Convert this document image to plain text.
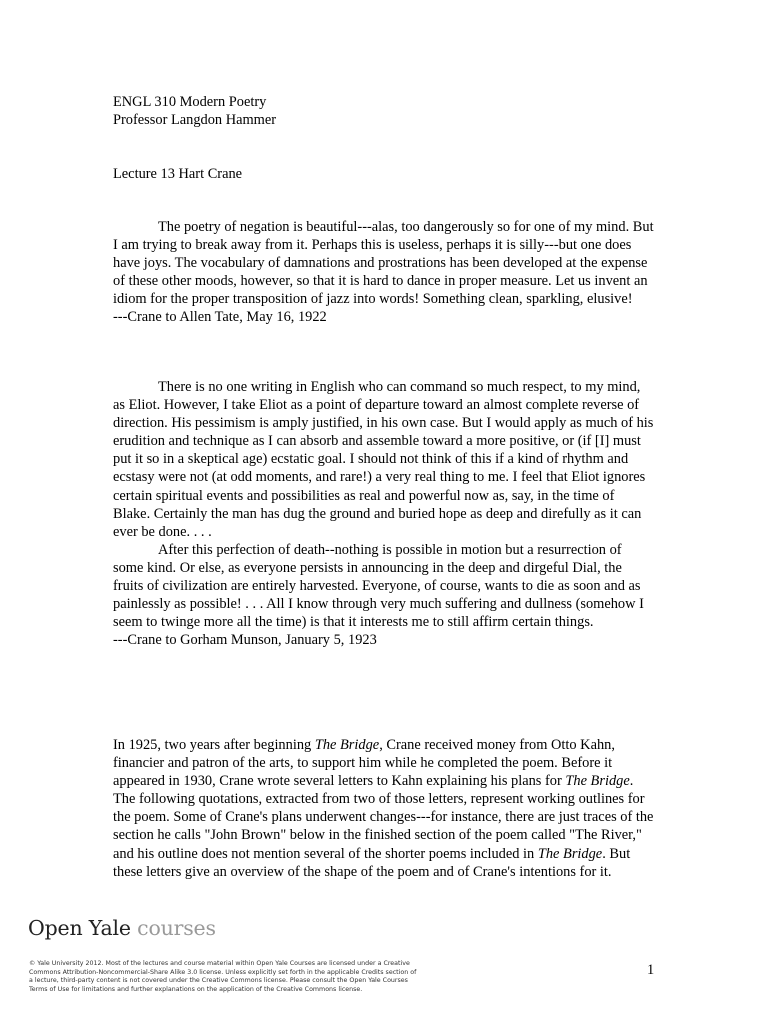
ENGL 310 Modern Poetry
Professor Langdon Hammer
Lecture 13 Hart Crane

The poetry of negation is beautiful---alas, too dangerously so for one of my mind. But I am trying to break away from it. Perhaps this is useless, perhaps it is silly---but one does have joys. The vocabulary of damnations and prostrations has been developed at the expense of these other moods, however, so that it is hard to dance in proper measure. Let us invent an idiom for the proper transposition of jazz into words! Something clean, sparkling, elusive!

---Crane to Allen Tate, May 16, 1922

There is no one writing in English who can command so much respect, to my mind, as Eliot. However, I take Eliot as a point of departure toward an almost complete reverse of direction. His pessimism is amply justified, in his own case. But I would apply as much of his erudition and technique as I can absorb and assemble toward a more positive, or (if [I] must put it so in a skeptical age) ecstatic goal. I should not think of this if a kind of rhythm and ecstasy were not (at odd moments, and rare!) a very real thing to me. I feel that Eliot ignores certain spiritual events and possibilities as real and powerful now as, say, in the time of Blake. Certainly the man has dug the ground and buried hope as deep and direfully as it can ever be done. . . .

After this perfection of death--nothing is possible in motion but a resurrection of some kind. Or else, as everyone persists in announcing in the deep and dirgeful Dial, the fruits of civilization are entirely harvested. Everyone, of course, wants to die as soon and as painlessly as possible! . . . All I know through very much suffering and dullness (somehow I seem to twinge more all the time) is that it interests me to still affirm certain things.

---Crane to Gorham Munson, January 5, 1923

In 1925, two years after beginning The Bridge, Crane received money from Otto Kahn, financier and patron of the arts, to support him while he completed the poem. Before it appeared in 1930, Crane wrote several letters to Kahn explaining his plans for The Bridge. The following quotations, extracted from two of those letters, represent working outlines for the poem. Some of Crane's plans underwent changes---for instance, there are just traces of the section he calls "John Brown" below in the finished section of the poem called "The River," and his outline does not mention several of the shorter poems included in The Bridge. But these letters give an overview of the shape of the poem and of Crane's intentions for it.

Open Yale courses
© Yale University 2012. Most of the lectures and course material within Open Yale Courses are licensed under a Creative Commons Attribution-Noncommercial-Share Alike 3.0 license. Unless explicitly set forth in the applicable Credits section of a lecture, third-party content is not covered under the Creative Commons license. Please consult the Open Yale Courses Terms of Use for limitations and further explanations on the application of the Creative Commons license.
1
